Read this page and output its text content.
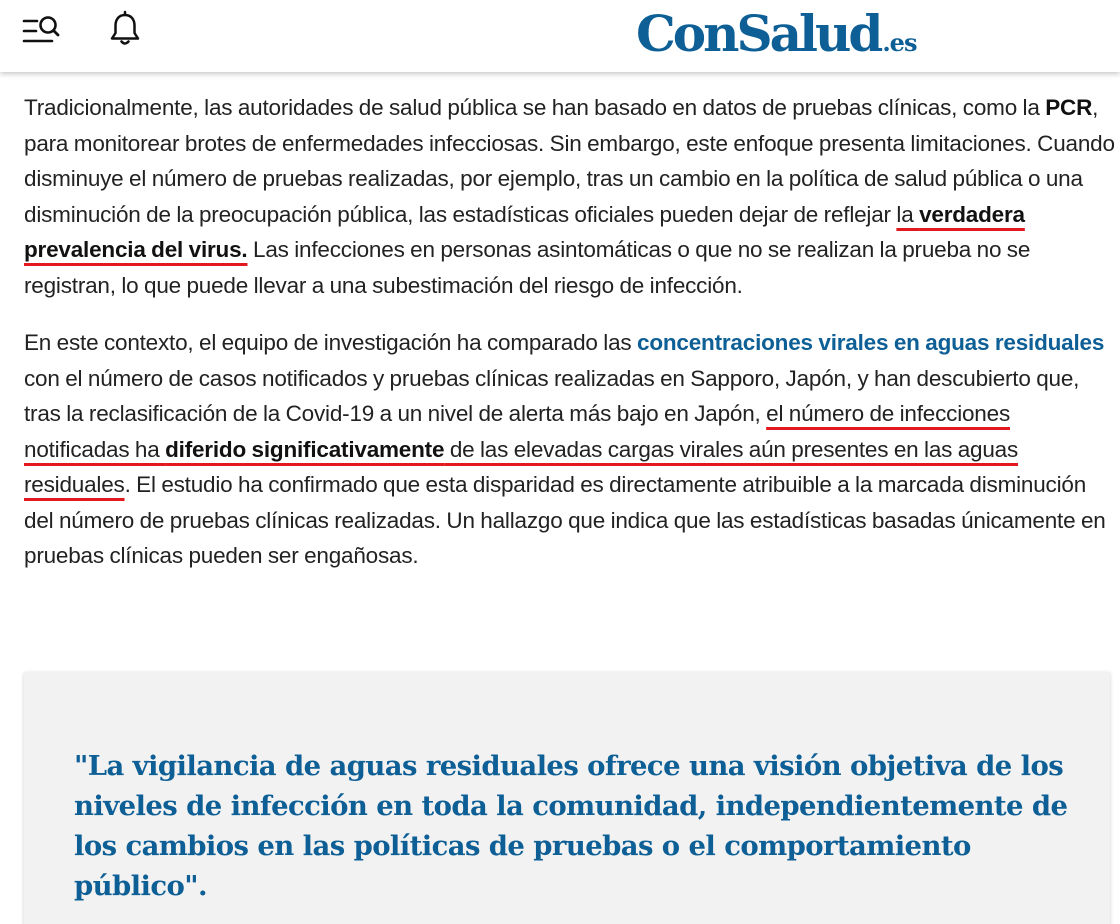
ConSalud.es

Tradicionalmente, las autoridades de salud pública se han basado en datos de pruebas clínicas, como la PCR, para monitorear brotes de enfermedades infecciosas. Sin embargo, este enfoque presenta limitaciones. Cuando disminuye el número de pruebas realizadas, por ejemplo, tras un cambio en la política de salud pública o una disminución de la preocupación pública, las estadísticas oficiales pueden dejar de reflejar la verdadera prevalencia del virus. Las infecciones en personas asintomáticas o que no se realizan la prueba no se registran, lo que puede llevar a una subestimación del riesgo de infección.

En este contexto, el equipo de investigación ha comparado las concentraciones virales en aguas residuales con el número de casos notificados y pruebas clínicas realizadas en Sapporo, Japón, y han descubierto que, tras la reclasificación de la Covid-19 a un nivel de alerta más bajo en Japón, el número de infecciones notificadas ha diferido significativamente de las elevadas cargas virales aún presentes en las aguas residuales. El estudio ha confirmado que esta disparidad es directamente atribuible a la marcada disminución del número de pruebas clínicas realizadas. Un hallazgo que indica que las estadísticas basadas únicamente en pruebas clínicas pueden ser engañosas.

"La vigilancia de aguas residuales ofrece una visión objetiva de los niveles de infección en toda la comunidad, independientemente de los cambios en las políticas de pruebas o el comportamiento público".
